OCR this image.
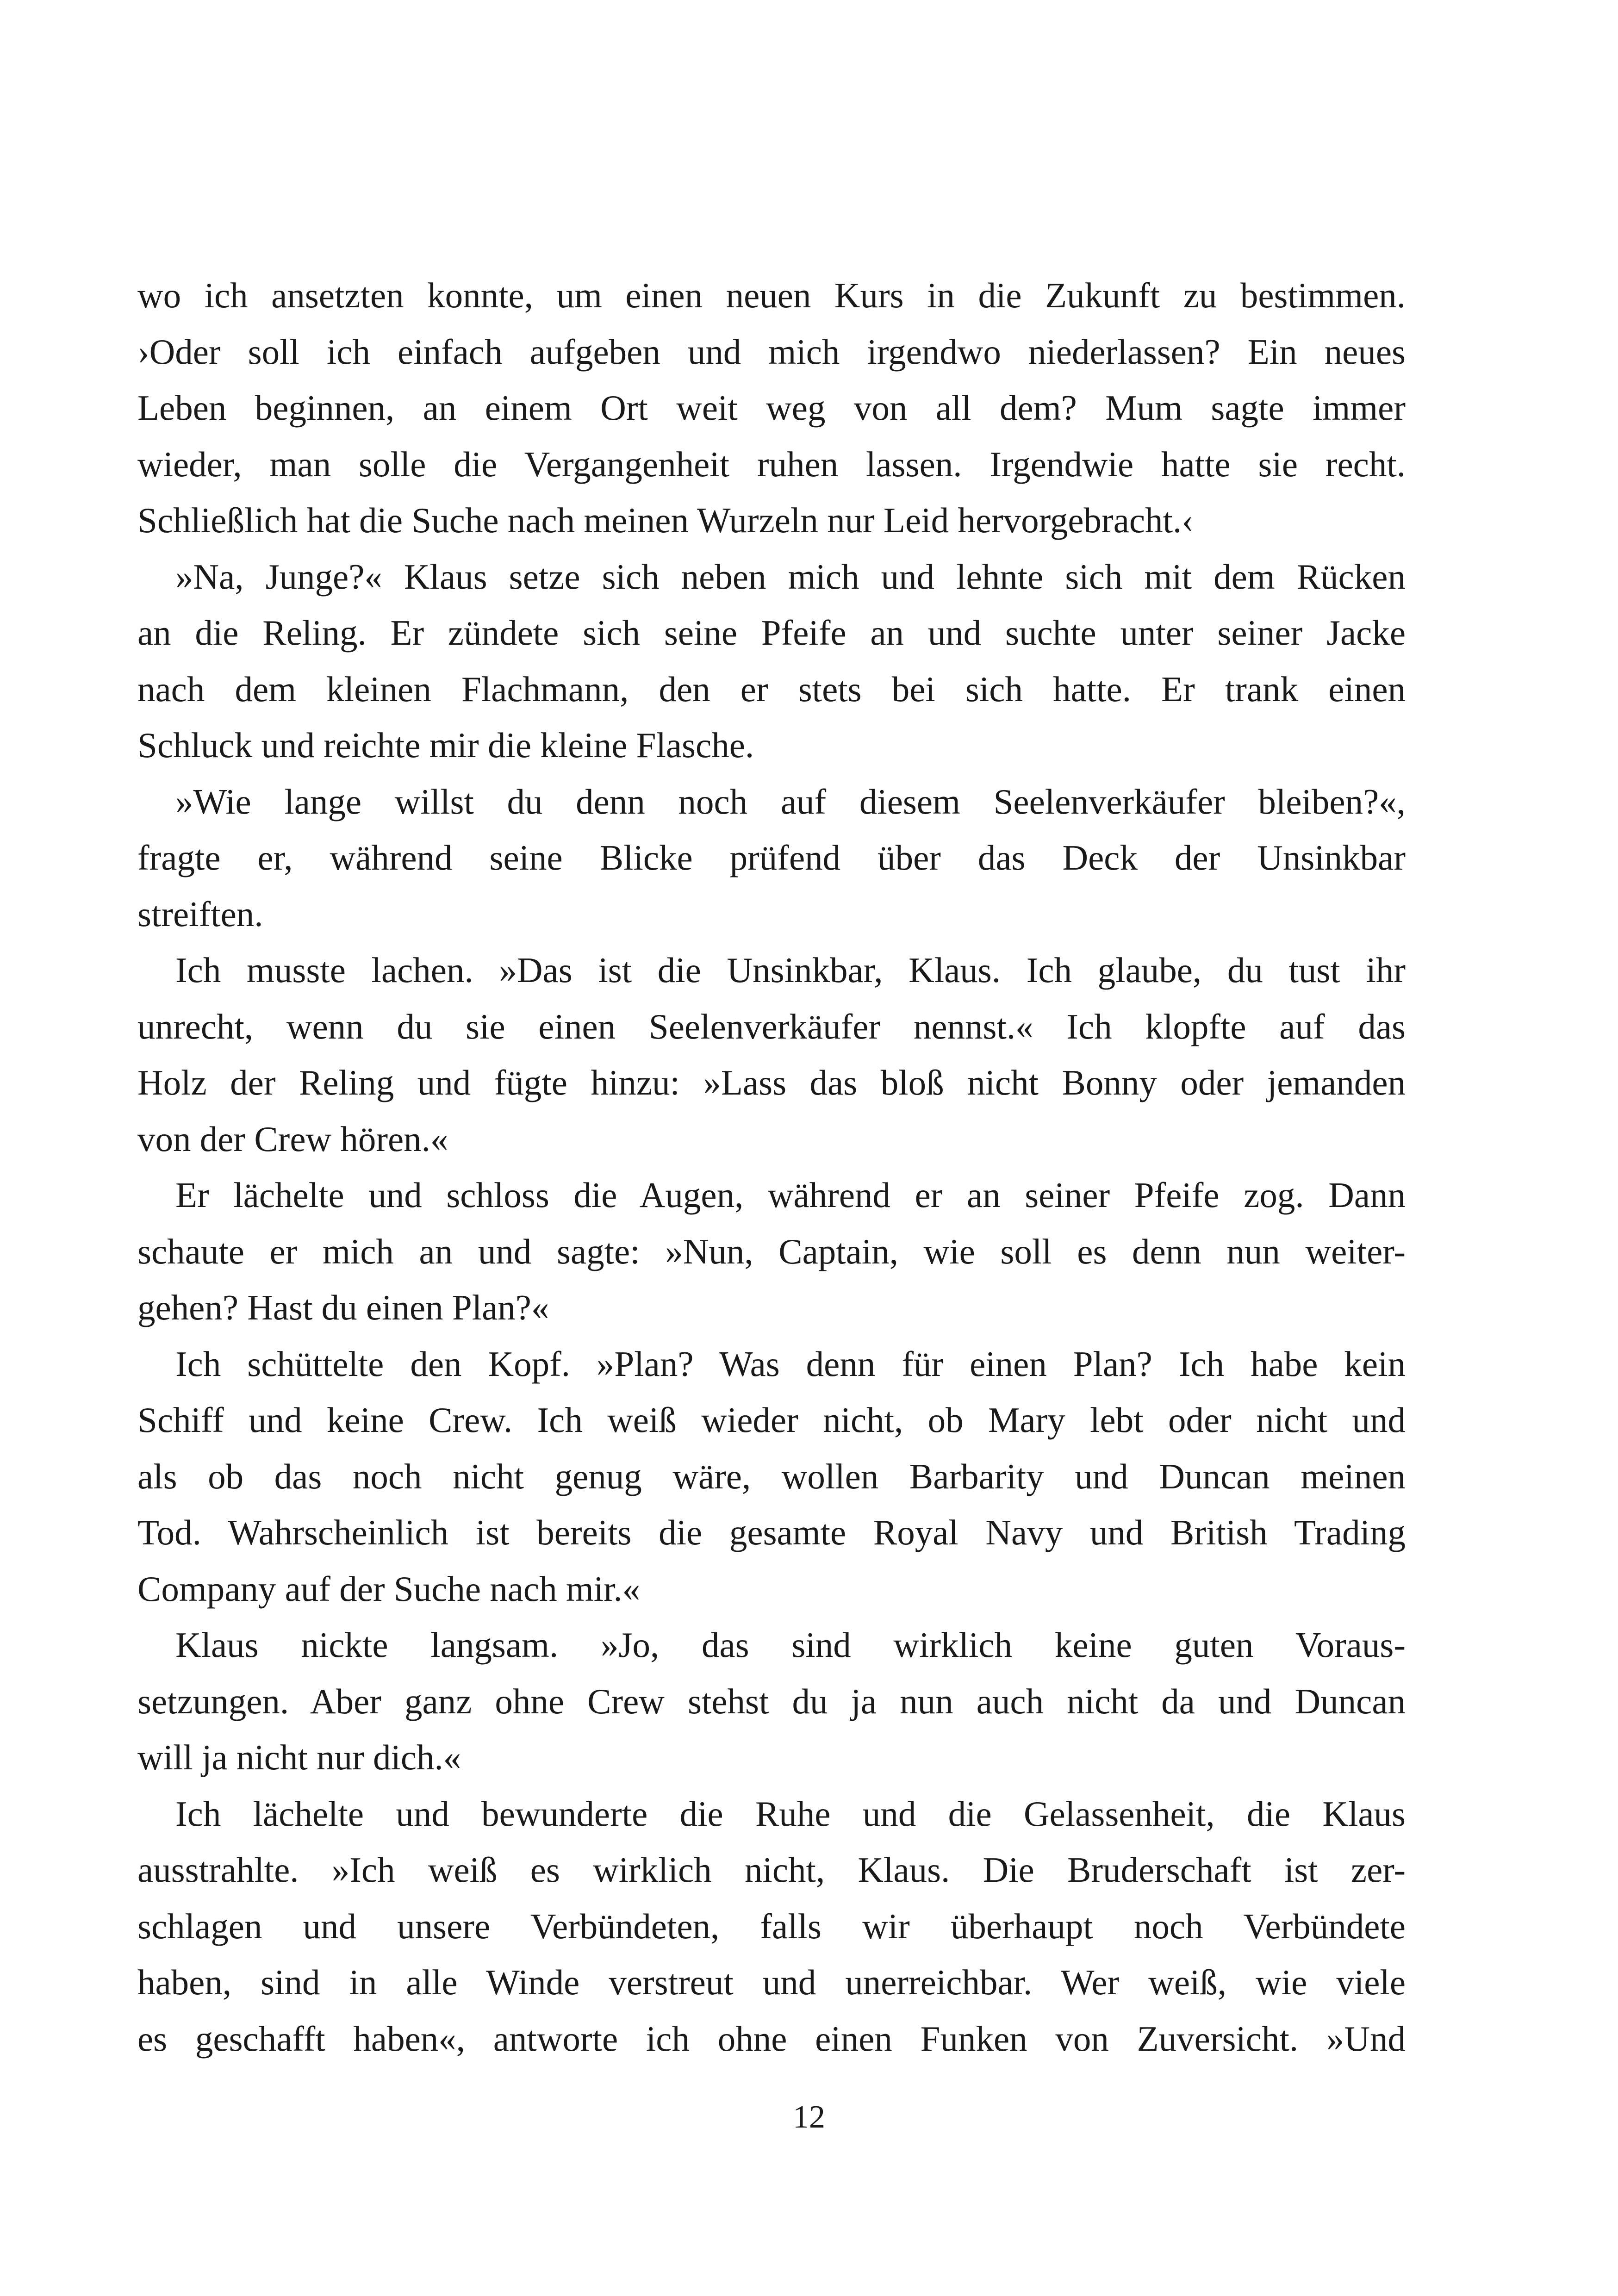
wo ich ansetzten konnte, um einen neuen Kurs in die Zukunft zu bestimmen.
›Oder soll ich einfach aufgeben und mich irgendwo niederlassen? Ein neues
Leben beginnen, an einem Ort weit weg von all dem? Mum sagte immer
wieder, man solle die Vergangenheit ruhen lassen. Irgendwie hatte sie recht.
Schließlich hat die Suche nach meinen Wurzeln nur Leid hervorgebracht.‹
»Na, Junge?« Klaus setze sich neben mich und lehnte sich mit dem Rücken
an die Reling. Er zündete sich seine Pfeife an und suchte unter seiner Jacke
nach dem kleinen Flachmann, den er stets bei sich hatte. Er trank einen
Schluck und reichte mir die kleine Flasche.
»Wie lange willst du denn noch auf diesem Seelenverkäufer bleiben?«,
fragte er, während seine Blicke prüfend über das Deck der Unsinkbar
streiften.
Ich musste lachen. »Das ist die Unsinkbar, Klaus. Ich glaube, du tust ihr
unrecht, wenn du sie einen Seelenverkäufer nennst.« Ich klopfte auf das
Holz der Reling und fügte hinzu: »Lass das bloß nicht Bonny oder jemanden
von der Crew hören.«
Er lächelte und schloss die Augen, während er an seiner Pfeife zog. Dann
schaute er mich an und sagte: »Nun, Captain, wie soll es denn nun weiter-
gehen? Hast du einen Plan?«
Ich schüttelte den Kopf. »Plan? Was denn für einen Plan? Ich habe kein
Schiff und keine Crew. Ich weiß wieder nicht, ob Mary lebt oder nicht und
als ob das noch nicht genug wäre, wollen Barbarity und Duncan meinen
Tod. Wahrscheinlich ist bereits die gesamte Royal Navy und British Trading
Company auf der Suche nach mir.«
Klaus nickte langsam. »Jo, das sind wirklich keine guten Voraus-
setzungen. Aber ganz ohne Crew stehst du ja nun auch nicht da und Duncan
will ja nicht nur dich.«
Ich lächelte und bewunderte die Ruhe und die Gelassenheit, die Klaus
ausstrahlte. »Ich weiß es wirklich nicht, Klaus. Die Bruderschaft ist zer-
schlagen und unsere Verbündeten, falls wir überhaupt noch Verbündete
haben, sind in alle Winde verstreut und unerreichbar. Wer weiß, wie viele
es geschafft haben«, antworte ich ohne einen Funken von Zuversicht. »Und
12
